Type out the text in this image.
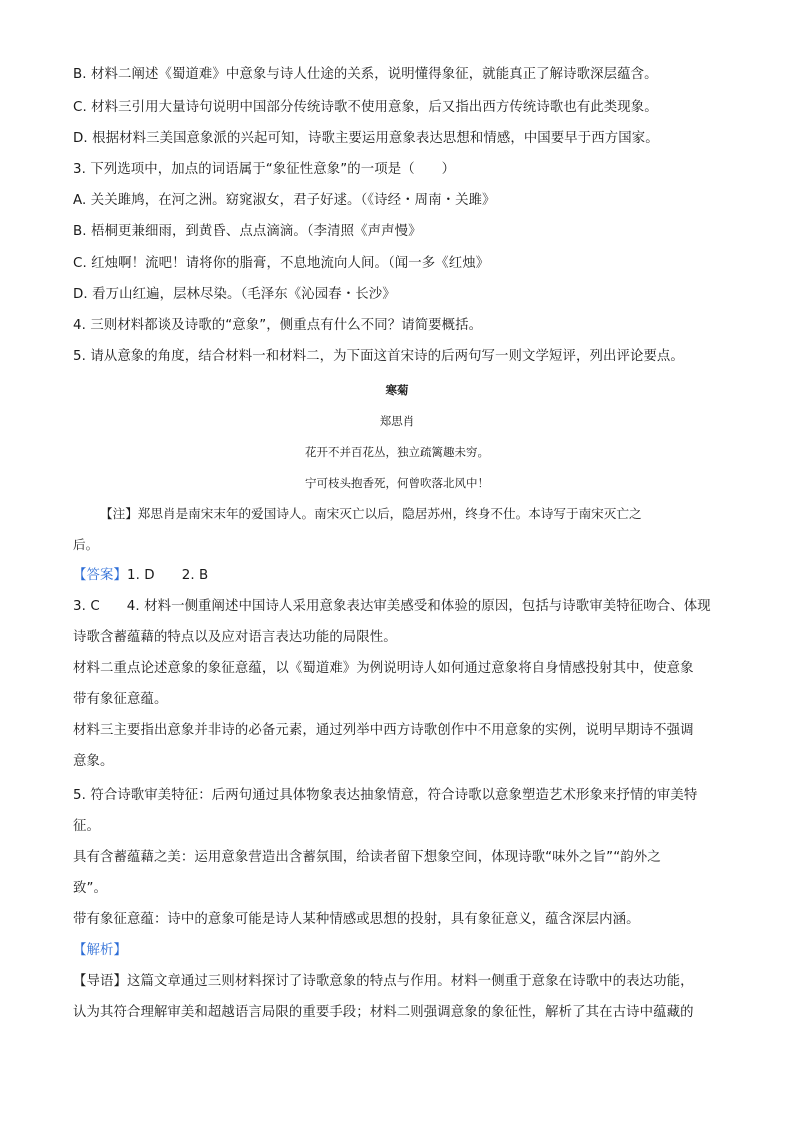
B. 材料二阐述《蜀道难》中意象与诗人仕途的关系，说明懂得象征，就能真正了解诗歌深层蕴含。
C. 材料三引用大量诗句说明中国部分传统诗歌不使用意象，后又指出西方传统诗歌也有此类现象。
D. 根据材料三美国意象派的兴起可知，诗歌主要运用意象表达思想和情感，中国要早于西方国家。
3. 下列选项中，加点的词语属于“象征性意象”的一项是（　　）
A. 关关雎鸠，在河之洲。窈窕淑女，君子好逑。（《诗经・周南・关雎》
B. 梧桐更兼细雨，到黄昏、点点滴滴。（李清照《声声慢》
C. 红烛啊！流吧！请将你的脂膏，不息地流向人间。（闻一多《红烛》
D. 看万山红遍，层林尽染。（毛泽东《沁园春・长沙》
4. 三则材料都谈及诗歌的“意象”，侧重点有什么不同？请简要概括。
5. 请从意象的角度，结合材料一和材料二，为下面这首宋诗的后两句写一则文学短评，列出评论要点。
寒菊
郑思肖
花开不并百花丛，独立疏篱趣未穷。
宁可枝头抱香死，何曾吹落北风中！
【注】郑思肖是南宋末年的爱国诗人。南宋灭亡以后，隐居苏州，终身不仕。本诗写于南宋灭亡之
后。
【答案】1. D　　2. B
3. C　　4. 材料一侧重阐述中国诗人采用意象表达审美感受和体验的原因，包括与诗歌审美特征吻合、体现
诗歌含蓄蕴藉的特点以及应对语言表达功能的局限性。
材料二重点论述意象的象征意蕴，以《蜀道难》为例说明诗人如何通过意象将自身情感投射其中，使意象
带有象征意蕴。
材料三主要指出意象并非诗的必备元素，通过列举中西方诗歌创作中不用意象的实例，说明早期诗不强调
意象。
5. 符合诗歌审美特征：后两句通过具体物象表达抽象情意，符合诗歌以意象塑造艺术形象来抒情的审美特
征。
具有含蓄蕴藉之美：运用意象营造出含蓄氛围，给读者留下想象空间，体现诗歌“味外之旨”“韵外之
致”。
带有象征意蕴：诗中的意象可能是诗人某种情感或思想的投射，具有象征意义，蕴含深层内涵。
【解析】
【导语】这篇文章通过三则材料探讨了诗歌意象的特点与作用。材料一侧重于意象在诗歌中的表达功能，
认为其符合理解审美和超越语言局限的重要手段；材料二则强调意象的象征性，解析了其在古诗中蕴藏的
